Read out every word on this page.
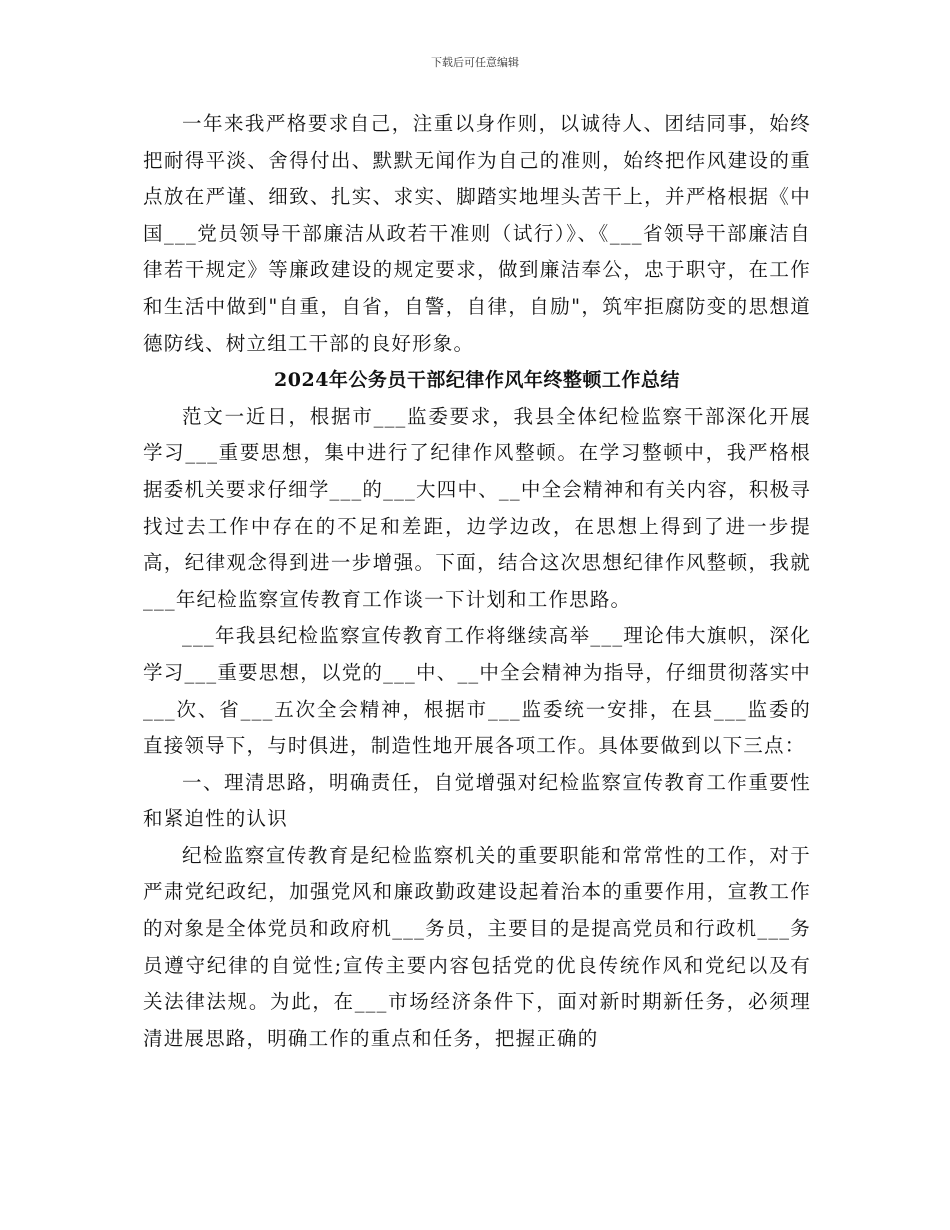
下载后可任意编辑

一年来我严格要求自己，注重以身作则，以诚待人、团结同事，始终把耐得平淡、舍得付出、默默无闻作为自己的准则，始终把作风建设的重点放在严谨、细致、扎实、求实、脚踏实地埋头苦干上，并严格根据《中国___党员领导干部廉洁从政若干准则（试行）》、《___省领导干部廉洁自律若干规定》等廉政建设的规定要求，做到廉洁奉公，忠于职守，在工作和生活中做到"自重，自省，自警，自律，自励"，筑牢拒腐防变的思想道德防线、树立组工干部的良好形象。

2024年公务员干部纪律作风年终整顿工作总结

范文一近日，根据市___监委要求，我县全体纪检监察干部深化开展学习___重要思想，集中进行了纪律作风整顿。在学习整顿中，我严格根据委机关要求仔细学___的___大四中、__中全会精神和有关内容，积极寻找过去工作中存在的不足和差距，边学边改，在思想上得到了进一步提高，纪律观念得到进一步增强。下面，结合这次思想纪律作风整顿，我就___年纪检监察宣传教育工作谈一下计划和工作思路。

___年我县纪检监察宣传教育工作将继续高举___理论伟大旗帜，深化学习___重要思想，以党的___中、__中全会精神为指导，仔细贯彻落实中___次、省___五次全会精神，根据市___监委统一安排，在县___监委的直接领导下，与时俱进，制造性地开展各项工作。具体要做到以下三点：

一、理清思路，明确责任，自觉增强对纪检监察宣传教育工作重要性和紧迫性的认识

纪检监察宣传教育是纪检监察机关的重要职能和常常性的工作，对于严肃党纪政纪，加强党风和廉政勤政建设起着治本的重要作用，宣教工作的对象是全体党员和政府机___务员，主要目的是提高党员和行政机___务员遵守纪律的自觉性;宣传主要内容包括党的优良传统作风和党纪以及有关法律法规。为此，在___市场经济条件下，面对新时期新任务，必须理清进展思路，明确工作的重点和任务，把握正确的
